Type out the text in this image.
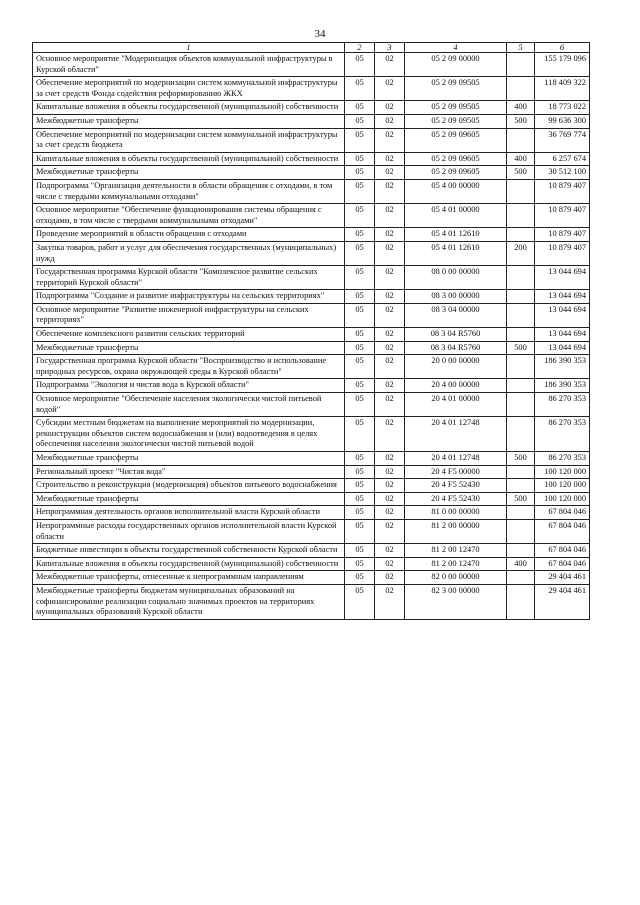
34
1	2	3	4	5	6
Основное мероприятие "Модернизация объектов коммунальной инфраструктуры в Курской области"	05	02	05 2 09 00000		155 179 096
Обеспечение мероприятий по модернизации систем коммунальной инфраструктуры за счет средств Фонда содействия реформированию ЖКХ	05	02	05 2 09 09505		118 409 322
Капитальные вложения в объекты государственной (муниципальной) собственности	05	02	05 2 09 09505	400	18 773 022
Межбюджетные трансферты	05	02	05 2 09 09505	500	99 636 300
Обеспечение мероприятий по модернизации систем коммунальной инфраструктуры за счет средств бюджета	05	02	05 2 09 09605		36 769 774
Капитальные вложения в объекты государственной (муниципальной) собственности	05	02	05 2 09 09605	400	6 257 674
Межбюджетные трансферты	05	02	05 2 09 09605	500	30 512 100
Подпрограмма "Организация деятельности в области обращения с отходами, в том числе с твердыми коммунальными отходами"	05	02	05 4 00 00000		10 879 407
Основное мероприятие "Обеспечение функционирования системы обращения с отходами, в том числе с твердыми коммунальными отходами"	05	02	05 4 01 00000		10 879 407
Проведение мероприятий в области обращения с отходами	05	02	05 4 01 12610		10 879 407
Закупка товаров, работ и услуг для обеспечения государственных (муниципальных) нужд	05	02	05 4 01 12610	200	10 879 407
Государственная программа Курской области "Комплексное развитие сельских территорий Курской области"	05	02	08 0 00 00000		13 044 694
Подпрограмма "Создание и развитие инфраструктуры на сельских территориях"	05	02	08 3 00 00000		13 044 694
Основное мероприятие "Развитие инженерной инфраструктуры на сельских территориях"	05	02	08 3 04 00000		13 044 694
Обеспечение комплексного развития сельских территорий	05	02	08 3 04 R5760		13 044 694
Межбюджетные трансферты	05	02	08 3 04 R5760	500	13 044 694
Государственная программа Курской области "Воспроизводство и использование природных ресурсов, охрана окружающей среды в Курской области"	05	02	20 0 00 00000		186 390 353
Подпрограмма "Экология и чистая вода в Курской области"	05	02	20 4 00 00000		186 390 353
Основное мероприятие "Обеспечение населения экологически чистой питьевой водой"	05	02	20 4 01 00000		86 270 353
Субсидии местным бюджетам на выполнение мероприятий по модернизации, реконструкции объектов систем водоснабжения и (или) водоотведения в целях обеспечения населения экологически чистой питьевой водой	05	02	20 4 01 12748		86 270 353
Межбюджетные трансферты	05	02	20 4 01 12748	500	86 270 353
Региональный проект "Чистая вода"	05	02	20 4 F5 00000		100 120 000
Строительство и реконструкция (модернизация) объектов питьевого водоснабжения	05	02	20 4 F5 52430		100 120 000
Межбюджетные трансферты	05	02	20 4 F5 52430	500	100 120 000
Непрограммная деятельность органов исполнительной власти Курской области	05	02	81 0 00 00000		67 804 046
Непрограммные расходы государственных органов исполнительной власти Курской области	05	02	81 2 00 00000		67 804 046
Бюджетные инвестиции в объекты государственной собственности Курской области	05	02	81 2 00 12470		67 804 046
Капитальные вложения в объекты государственной (муниципальной) собственности	05	02	81 2 00 12470	400	67 804 046
Межбюджетные трансферты, отнесенные к непрограммным направлениям	05	02	82 0 00 00000		29 404 461
Межбюджетные трансферты бюджетам муниципальных образований на софинансирование реализации социально значимых проектов на территориях муниципальных образований Курской области	05	02	82 3 00 00000		29 404 461
